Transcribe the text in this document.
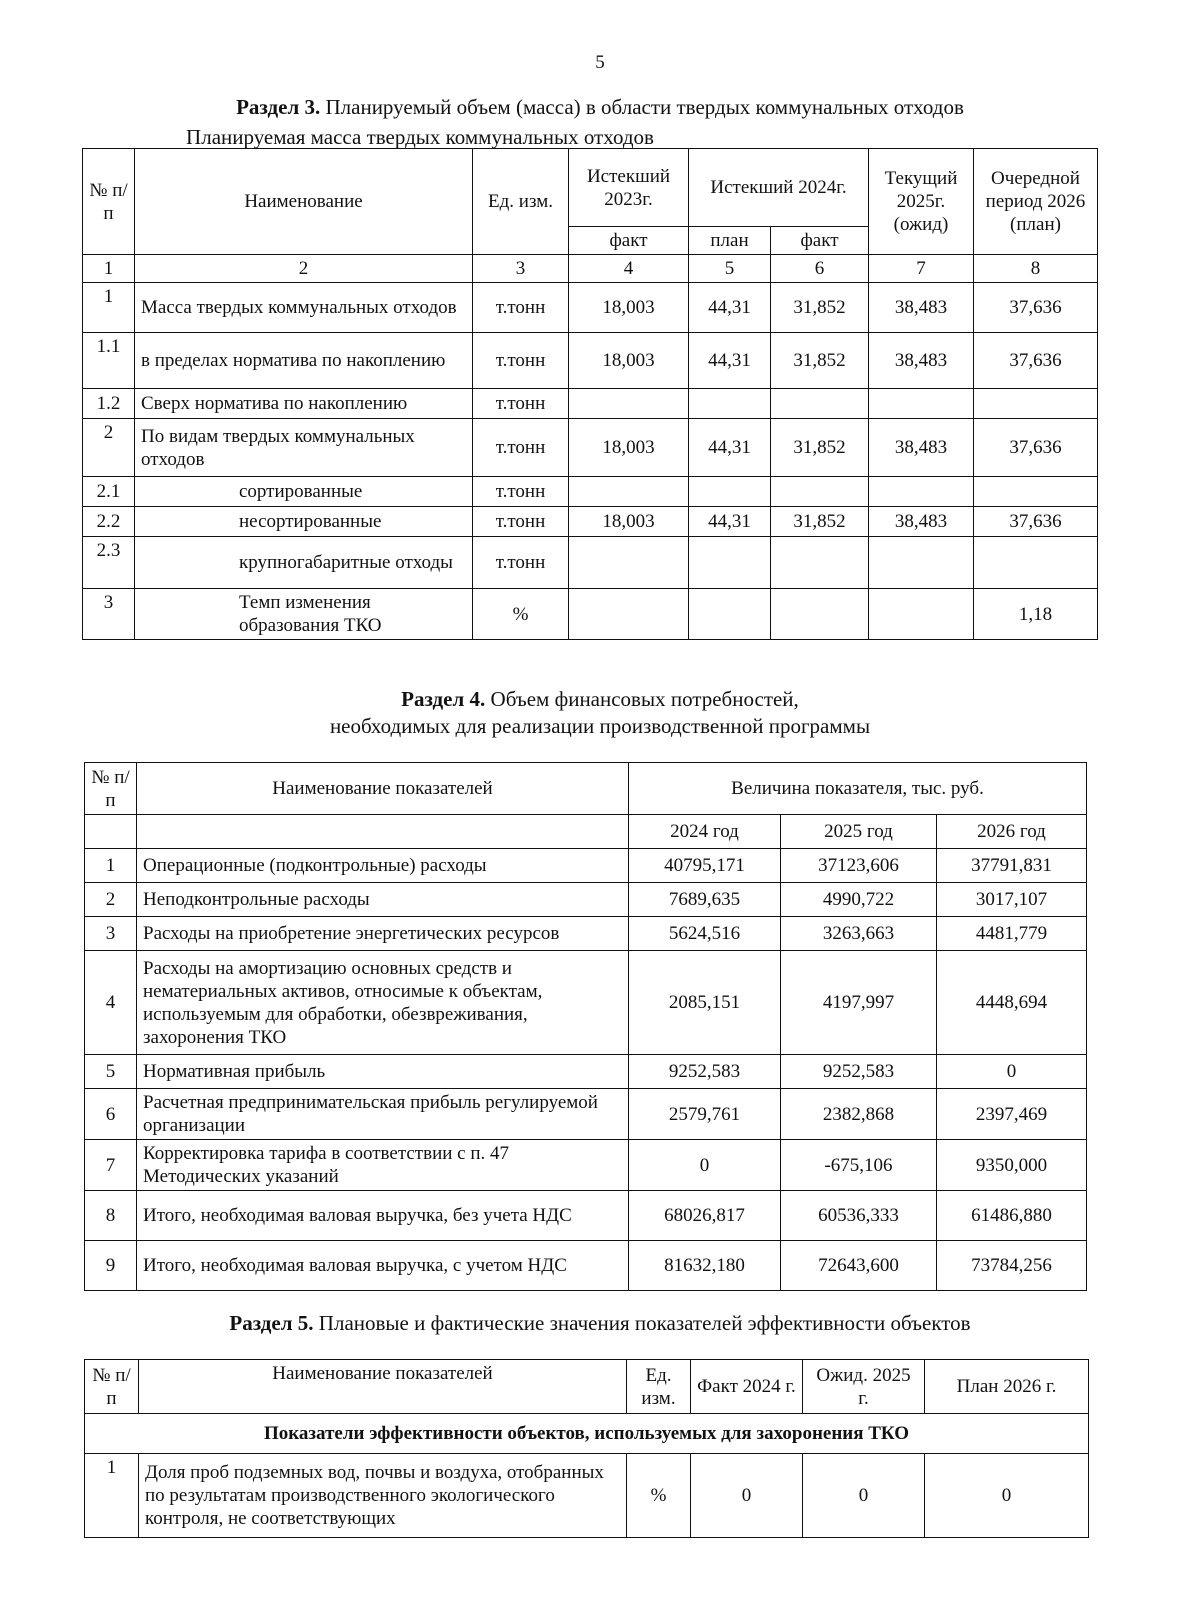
5
Раздел 3. Планируемый объем (масса) в области твердых коммунальных отходов
Планируемая масса твердых коммунальных отходов
№ п/п	Наименование	Ед. изм.	Истекший 2023г.	Истекший 2024г.		Текущий 2025г. (ожид)	Очередной период 2026 (план)
			факт	план	факт		
1	2	3	4	5	6	7	8
1	Масса твердых коммунальных отходов	т.тонн	18,003	44,31	31,852	38,483	37,636
1.1	в пределах норматива по накоплению	т.тонн	18,003	44,31	31,852	38,483	37,636
1.2	Сверх норматива по накоплению	т.тонн					
2	По видам твердых коммунальных отходов	т.тонн	18,003	44,31	31,852	38,483	37,636
2.1	сортированные	т.тонн					
2.2	несортированные	т.тонн	18,003	44,31	31,852	38,483	37,636
2.3	крупногабаритные отходы	т.тонн					
3	Темп изменения образования ТКО	%					1,18
Раздел 4. Объем финансовых потребностей,
необходимых для реализации производственной программы
№ п/п	Наименование показателей	Величина показателя, тыс. руб.		
		2024 год	2025 год	2026 год
1	Операционные (подконтрольные) расходы	40795,171	37123,606	37791,831
2	Неподконтрольные расходы	7689,635	4990,722	3017,107
3	Расходы на приобретение энергетических ресурсов	5624,516	3263,663	4481,779
4	Расходы на амортизацию основных средств и нематериальных активов, относимые к объектам, используемым для обработки, обезвреживания, захоронения ТКО	2085,151	4197,997	4448,694
5	Нормативная прибыль	9252,583	9252,583	0
6	Расчетная предпринимательская прибыль регулируемой организации	2579,761	2382,868	2397,469
7	Корректировка тарифа в соответствии с п. 47 Методических указаний	0	-675,106	9350,000
8	Итого, необходимая валовая выручка, без учета НДС	68026,817	60536,333	61486,880
9	Итого, необходимая валовая выручка, с учетом НДС	81632,180	72643,600	73784,256
Раздел 5. Плановые и фактические значения показателей эффективности объектов
№ п/п	Наименование показателей	Ед. изм.	Факт 2024 г.	Ожид. 2025 г.	План 2026 г.
Показатели эффективности объектов, используемых для захоронения ТКО					
1	Доля проб подземных вод, почвы и воздуха, отобранных по результатам производственного экологического контроля, не соответствующих	%	0	0	0
